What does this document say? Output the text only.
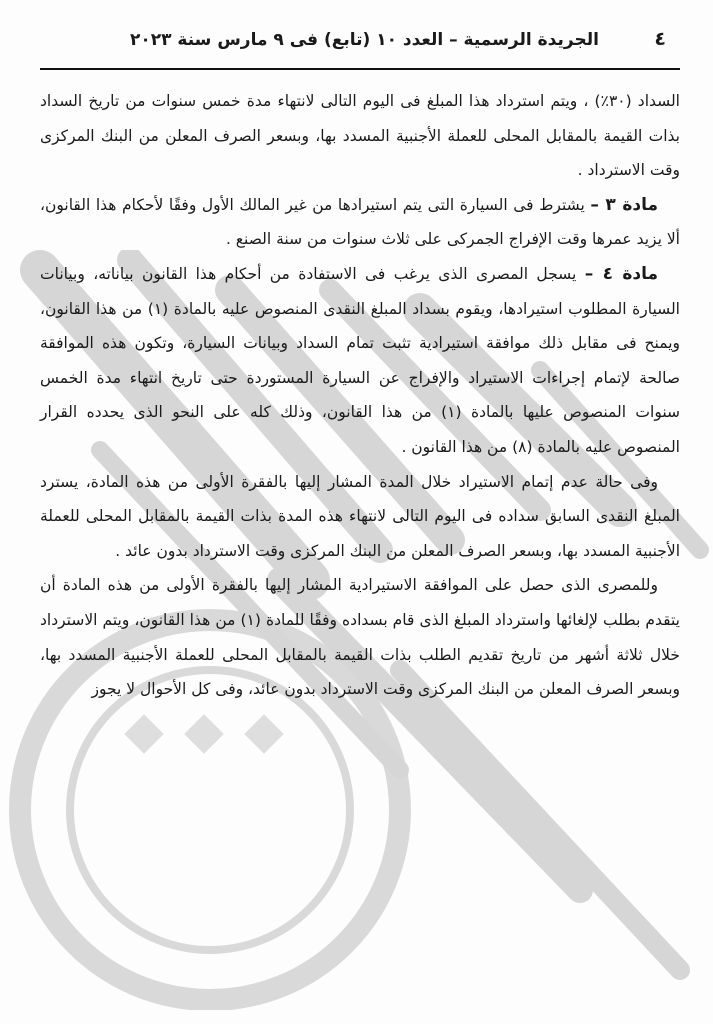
٤
الجريدة الرسمية – العدد ١٠ (تابع) فى ٩ مارس سنة ٢٠٢٣

السداد (٣٠٪) ، ويتم استرداد هذا المبلغ فى اليوم التالى لانتهاء مدة خمس سنوات من تاريخ السداد بذات القيمة بالمقابل المحلى للعملة الأجنبية المسدد بها، وبسعر الصرف المعلن من البنك المركزى وقت الاسترداد .

مادة ٣ – يشترط فى السيارة التى يتم استيرادها من غير المالك الأول وفقًا لأحكام هذا القانون، ألا يزيد عمرها وقت الإفراج الجمركى على ثلاث سنوات من سنة الصنع .

مادة ٤ – يسجل المصرى الذى يرغب فى الاستفادة من أحكام هذا القانون بياناته، وبيانات السيارة المطلوب استيرادها، ويقوم بسداد المبلغ النقدى المنصوص عليه بالمادة (١) من هذا القانون، ويمنح فى مقابل ذلك موافقة استيرادية تثبت تمام السداد وبيانات السيارة، وتكون هذه الموافقة صالحة لإتمام إجراءات الاستيراد والإفراج عن السيارة المستوردة حتى تاريخ انتهاء مدة الخمس سنوات المنصوص عليها بالمادة (١) من هذا القانون، وذلك كله على النحو الذى يحدده القرار المنصوص عليه بالمادة (٨) من هذا القانون .

وفى حالة عدم إتمام الاستيراد خلال المدة المشار إليها بالفقرة الأولى من هذه المادة، يسترد المبلغ النقدى السابق سداده فى اليوم التالى لانتهاء هذه المدة بذات القيمة بالمقابل المحلى للعملة الأجنبية المسدد بها، وبسعر الصرف المعلن من البنك المركزى وقت الاسترداد بدون عائد .

وللمصرى الذى حصل على الموافقة الاستيرادية المشار إليها بالفقرة الأولى من هذه المادة أن يتقدم بطلب لإلغائها واسترداد المبلغ الذى قام بسداده وفقًا للمادة (١) من هذا القانون، ويتم الاسترداد خلال ثلاثة أشهر من تاريخ تقديم الطلب بذات القيمة بالمقابل المحلى للعملة الأجنبية المسدد بها، وبسعر الصرف المعلن من البنك المركزى وقت الاسترداد بدون عائد، وفى كل الأحوال لا يجوز
